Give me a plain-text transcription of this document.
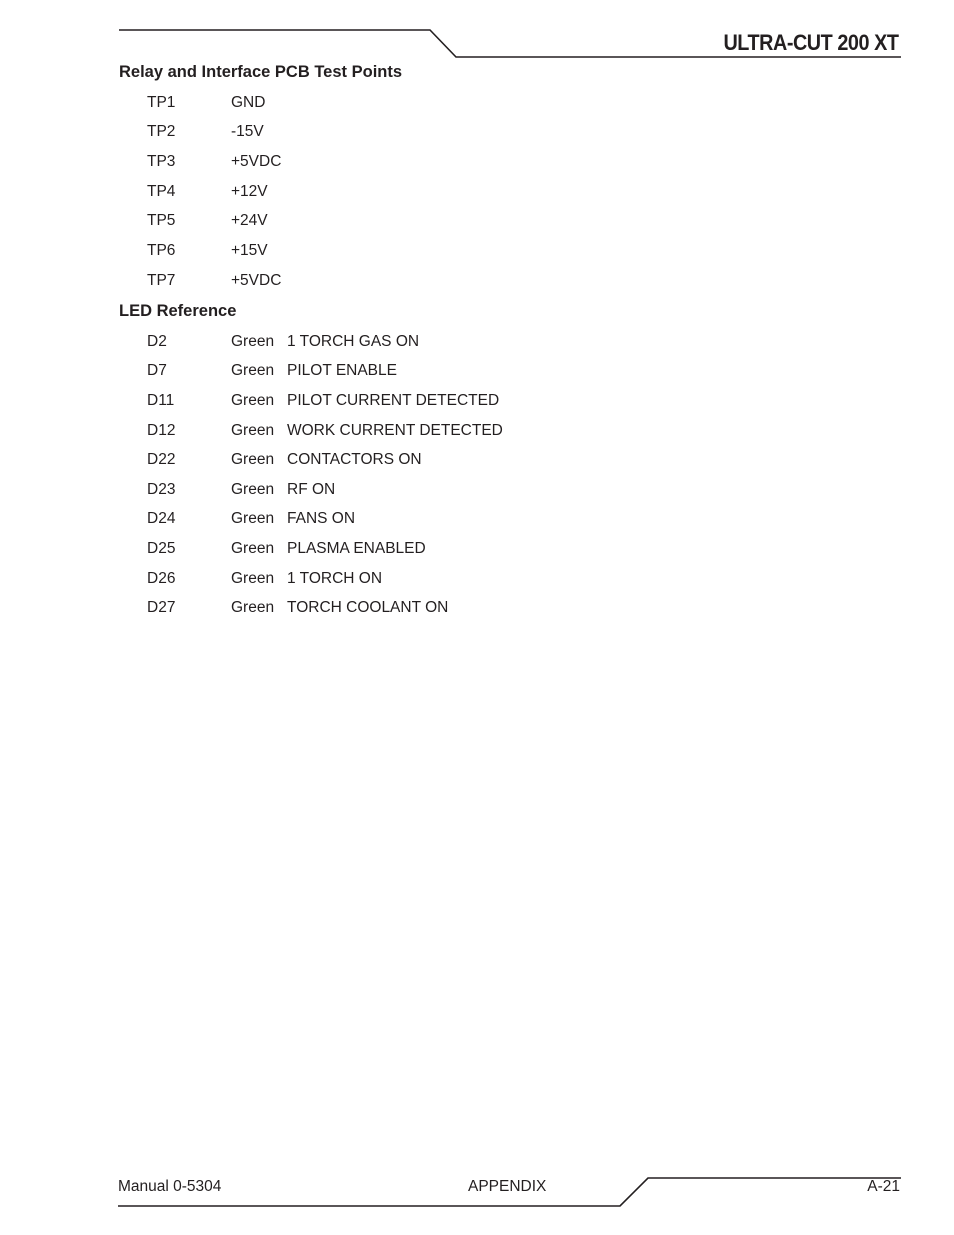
ULTRA-CUT 200 XT
Relay and Interface PCB Test Points
TP1	GND
TP2	-15V
TP3	+5VDC
TP4	+12V
TP5	+24V
TP6	+15V
TP7	+5VDC
LED Reference
D2	Green 1 TORCH GAS ON
D7	Green PILOT ENABLE
D11	Green PILOT CURRENT DETECTED
D12	Green WORK CURRENT DETECTED
D22	Green CONTACTORS ON
D23	Green RF ON
D24	Green FANS ON
D25	Green PLASMA ENABLED
D26	Green 1 TORCH ON
D27	Green TORCH COOLANT ON
Manual 0-5304	APPENDIX	A-21
